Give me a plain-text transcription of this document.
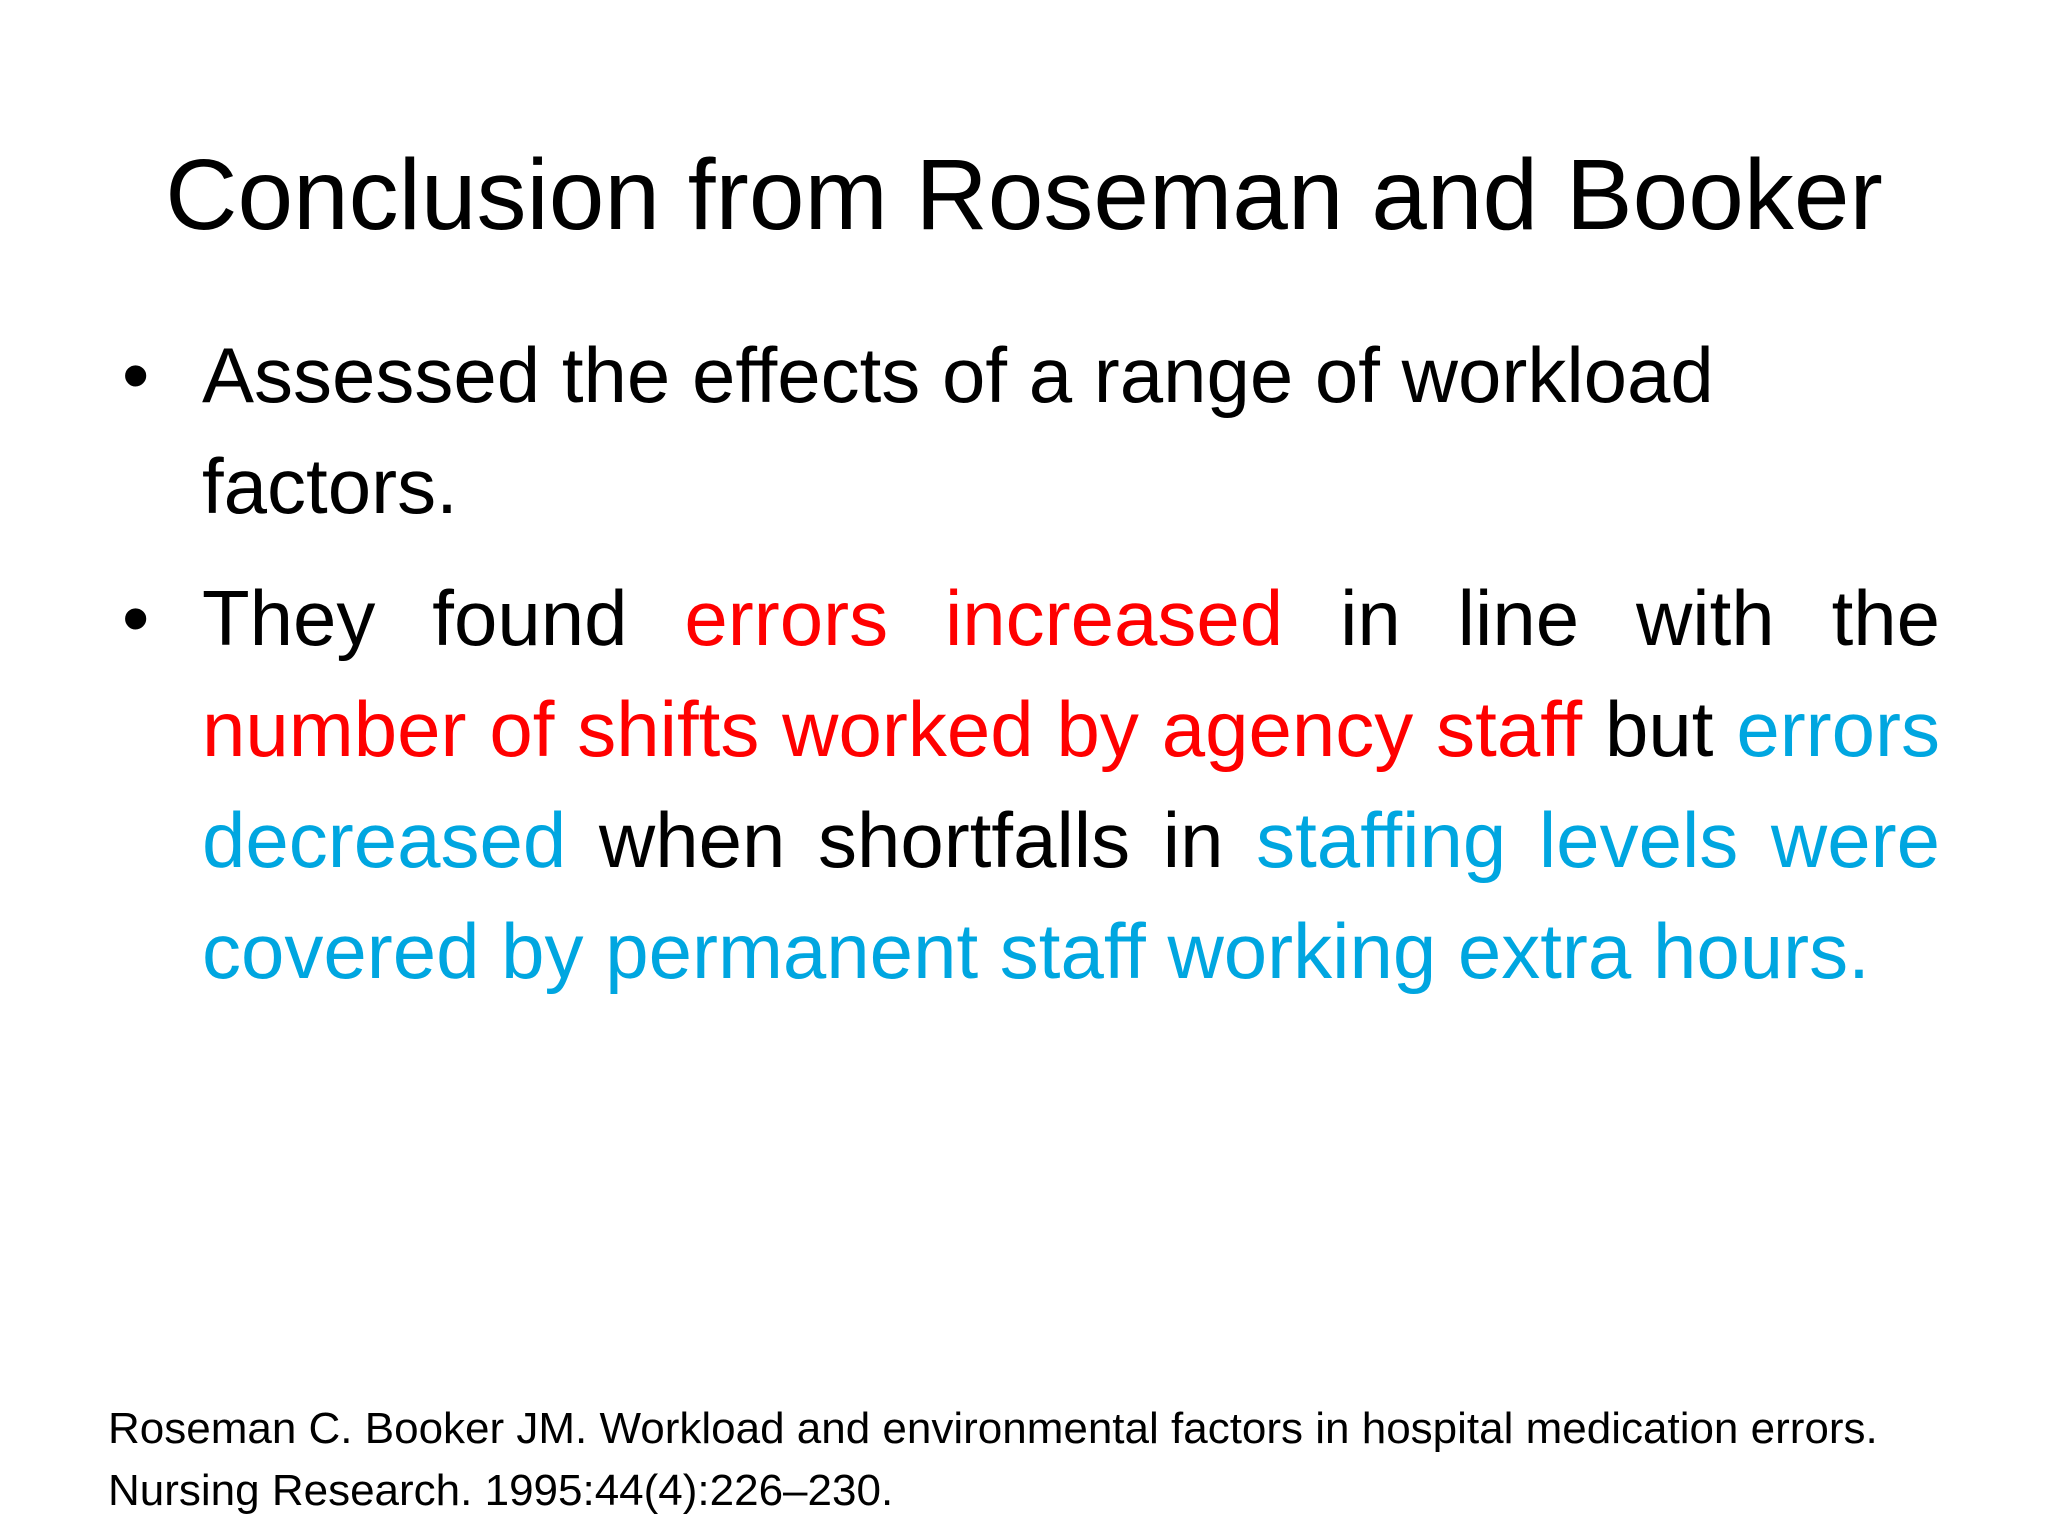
Conclusion from Roseman and Booker
• Assessed the effects of a range of workload factors.
• They found errors increased in line with the number of shifts worked by agency staff but errors decreased when shortfalls in staffing levels were covered by permanent staff working extra hours.

Roseman C. Booker JM. Workload and environmental factors in hospital medication errors. Nursing Research. 1995:44(4):226–230.
